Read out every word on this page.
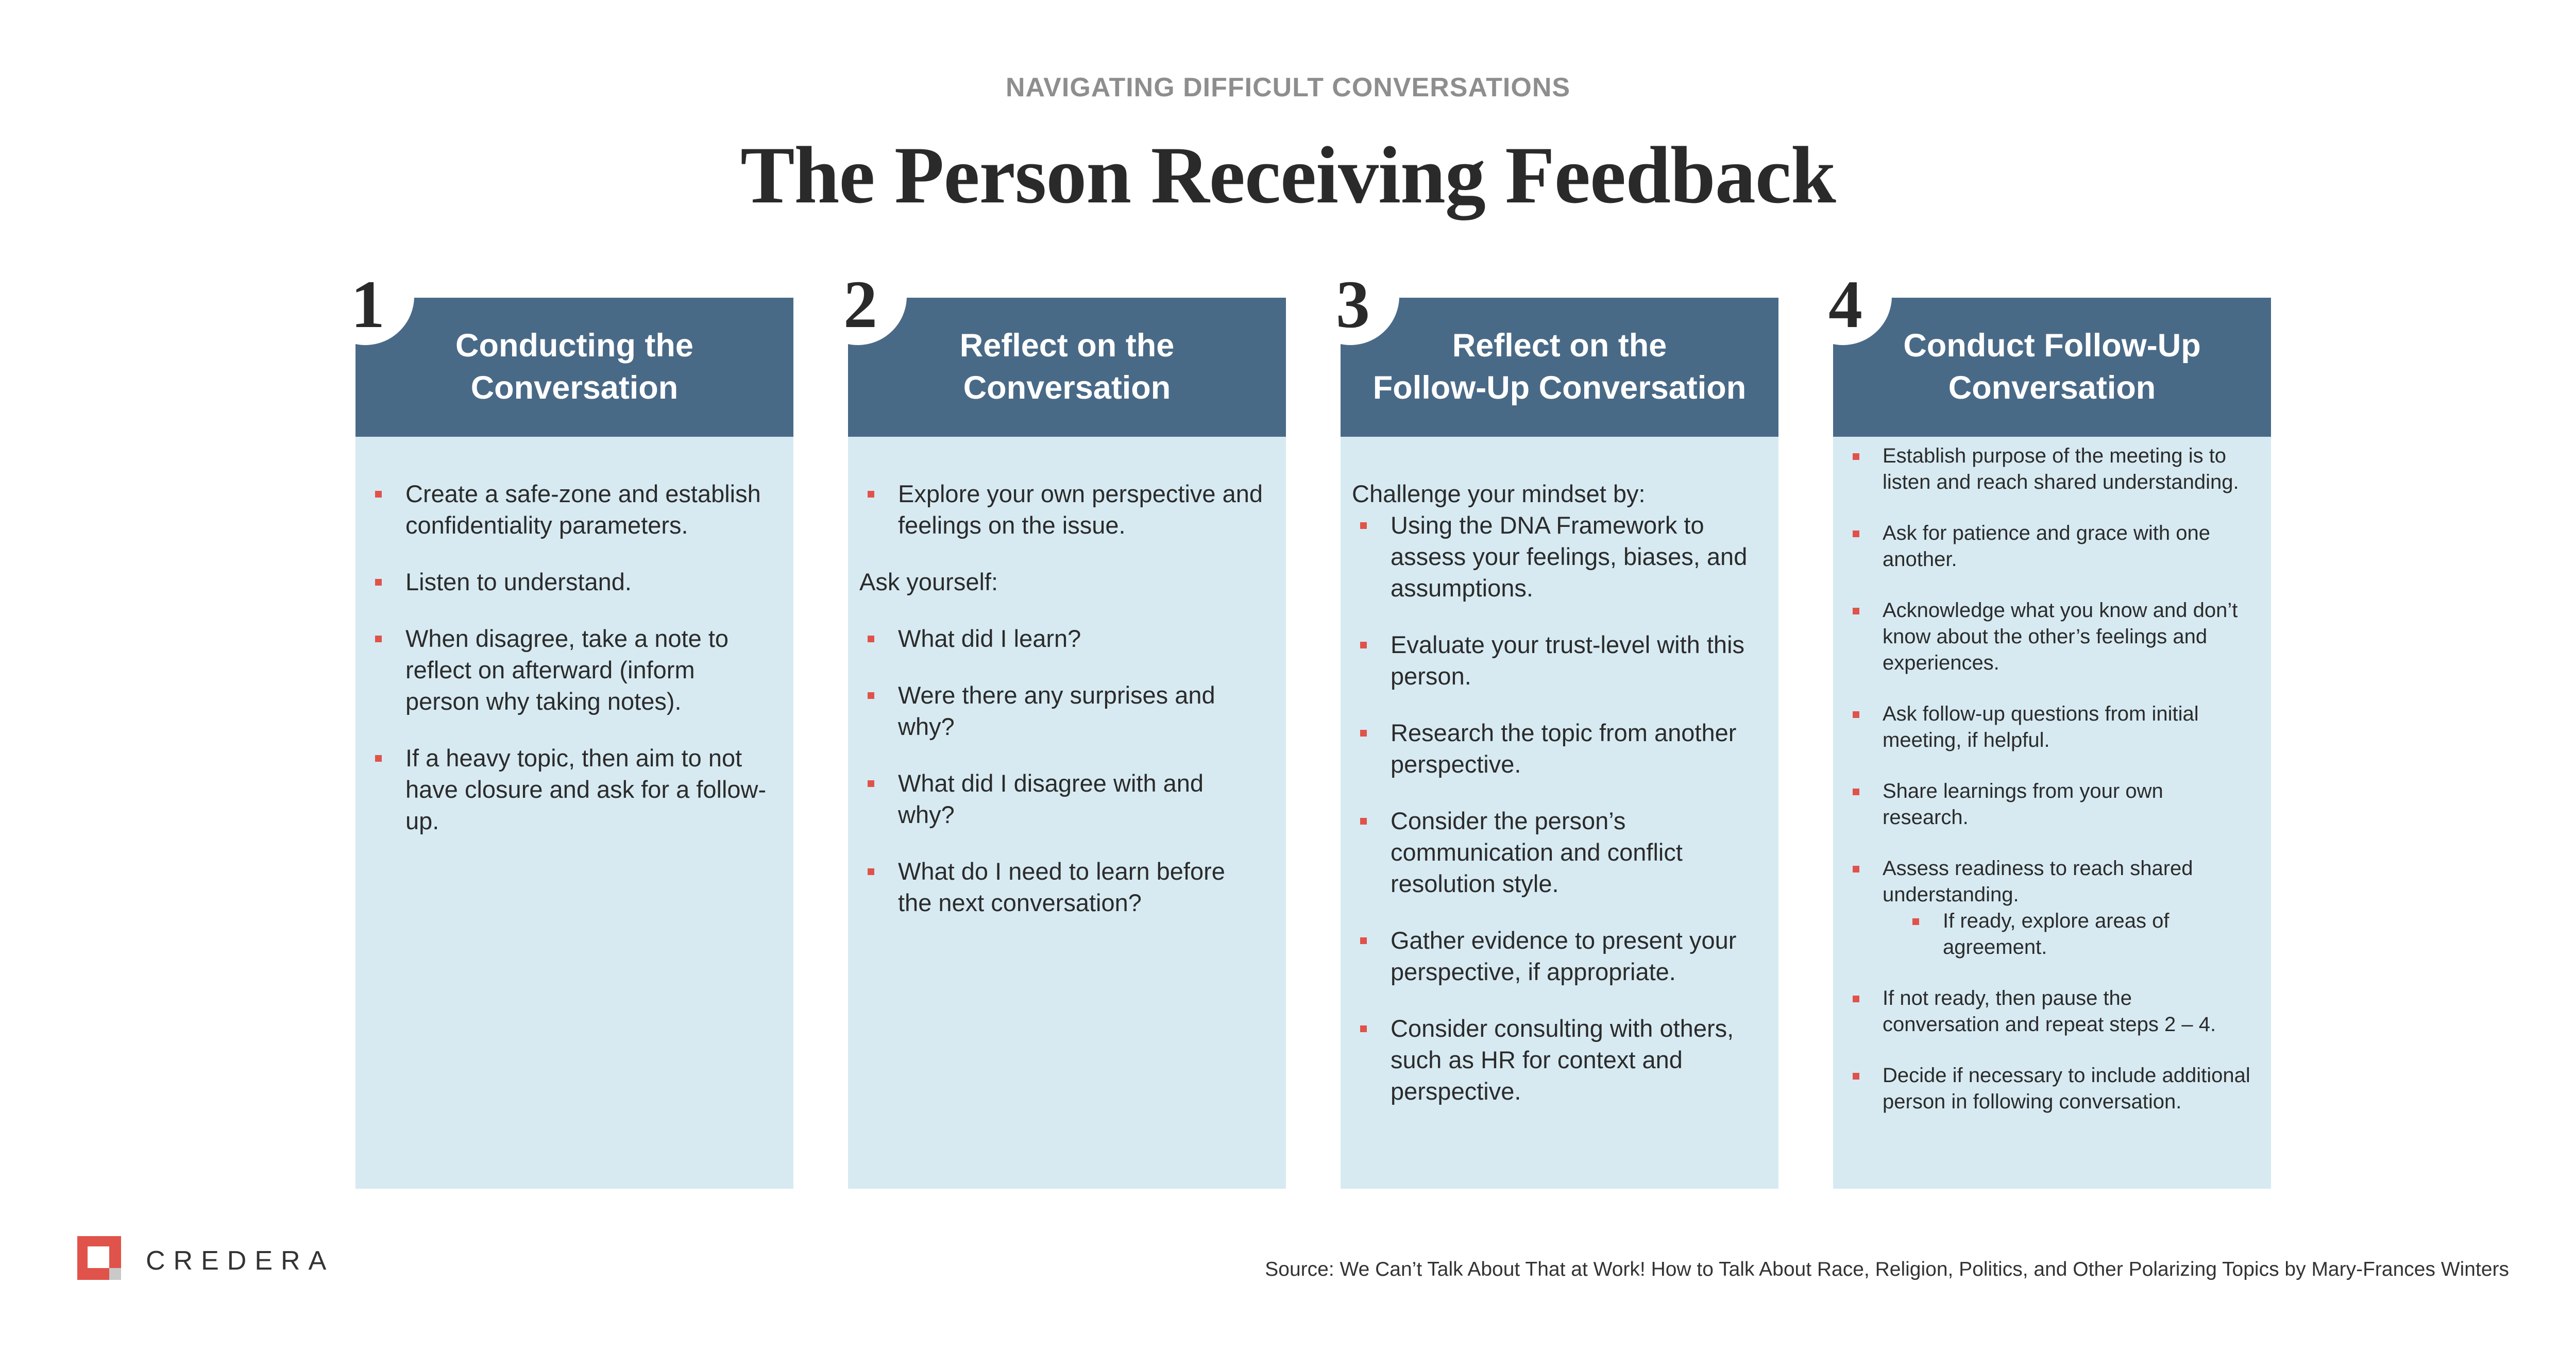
NAVIGATING DIFFICULT CONVERSATIONS
The Person Receiving Feedback
Conducting the
Conversation
1
Create a safe-zone and establish confidentiality parameters.
Listen to understand.
When disagree, take a note to reflect on afterward (inform person why taking notes).
If a heavy topic, then aim to not have closure and ask for a follow-up.
Reflect on the
Conversation
2
Explore your own perspective and feelings on the issue.
Ask yourself:
What did I learn?
Were there any surprises and why?
What did I disagree with and why?
What do I need to learn before the next conversation?
Reflect on the
Follow-Up Conversation
3
Challenge your mindset by:
Using the DNA Framework to assess your feelings, biases, and assumptions.
Evaluate your trust-level with this person.
Research the topic from another perspective.
Consider the person’s communication and conflict resolution style.
Gather evidence to present your perspective, if appropriate.
Consider consulting with others, such as HR for context and perspective.
Conduct Follow-Up
Conversation
4
Establish purpose of the meeting is to listen and reach shared understanding.
Ask for patience and grace with one another.
Acknowledge what you know and don’t know about the other’s feelings and experiences.
Ask follow-up questions from initial meeting, if helpful.
Share learnings from your own research.
Assess readiness to reach shared understanding.
If ready, explore areas of agreement.
If not ready, then pause the conversation and repeat steps 2 – 4.
Decide if necessary to include additional person in following conversation.
CREDERA	Source: We Can’t Talk About That at Work! How to Talk About Race, Religion, Politics, and Other Polarizing Topics by Mary-Frances Winters
